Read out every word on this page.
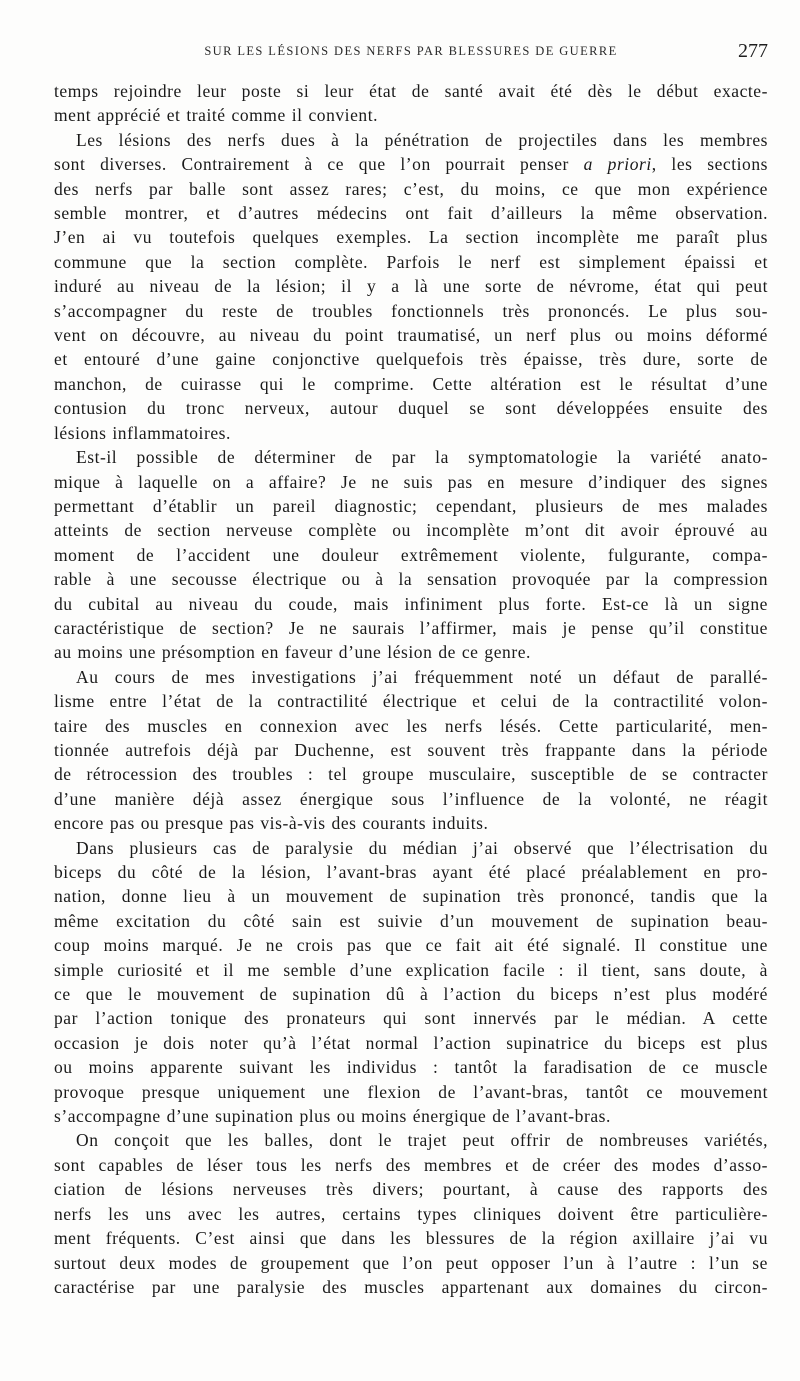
SUR LES LÉSIONS DES NERFS PAR BLESSURES DE GUERRE	277
temps rejoindre leur poste si leur état de santé avait été dès le début exacte-
ment apprécié et traité comme il convient.
Les lésions des nerfs dues à la pénétration de projectiles dans les membres
sont diverses. Contrairement à ce que l’on pourrait penser a priori, les sections
des nerfs par balle sont assez rares; c’est, du moins, ce que mon expérience
semble montrer, et d’autres médecins ont fait d’ailleurs la même observation.
J’en ai vu toutefois quelques exemples. La section incomplète me paraît plus
commune que la section complète. Parfois le nerf est simplement épaissi et
induré au niveau de la lésion; il y a là une sorte de névrome, état qui peut
s’accompagner du reste de troubles fonctionnels très prononcés. Le plus sou-
vent on découvre, au niveau du point traumatisé, un nerf plus ou moins déformé
et entouré d’une gaine conjonctive quelquefois très épaisse, très dure, sorte de
manchon, de cuirasse qui le comprime. Cette altération est le résultat d’une
contusion du tronc nerveux, autour duquel se sont développées ensuite des
lésions inflammatoires.
Est-il possible de déterminer de par la symptomatologie la variété anato-
mique à laquelle on a affaire? Je ne suis pas en mesure d’indiquer des signes
permettant d’établir un pareil diagnostic; cependant, plusieurs de mes malades
atteints de section nerveuse complète ou incomplète m’ont dit avoir éprouvé au
moment de l’accident une douleur extrêmement violente, fulgurante, compa-
rable à une secousse électrique ou à la sensation provoquée par la compression
du cubital au niveau du coude, mais infiniment plus forte. Est-ce là un signe
caractéristique de section? Je ne saurais l’affirmer, mais je pense qu’il constitue
au moins une présomption en faveur d’une lésion de ce genre.
Au cours de mes investigations j’ai fréquemment noté un défaut de parallé-
lisme entre l’état de la contractilité électrique et celui de la contractilité volon-
taire des muscles en connexion avec les nerfs lésés. Cette particularité, men-
tionnée autrefois déjà par Duchenne, est souvent très frappante dans la période
de rétrocession des troubles : tel groupe musculaire, susceptible de se contracter
d’une manière déjà assez énergique sous l’influence de la volonté, ne réagit
encore pas ou presque pas vis-à-vis des courants induits.
Dans plusieurs cas de paralysie du médian j’ai observé que l’électrisation du
biceps du côté de la lésion, l’avant-bras ayant été placé préalablement en pro-
nation, donne lieu à un mouvement de supination très prononcé, tandis que la
même excitation du côté sain est suivie d’un mouvement de supination beau-
coup moins marqué. Je ne crois pas que ce fait ait été signalé. Il constitue une
simple curiosité et il me semble d’une explication facile : il tient, sans doute, à
ce que le mouvement de supination dû à l’action du biceps n’est plus modéré
par l’action tonique des pronateurs qui sont innervés par le médian. A cette
occasion je dois noter qu’à l’état normal l’action supinatrice du biceps est plus
ou moins apparente suivant les individus : tantôt la faradisation de ce muscle
provoque presque uniquement une flexion de l’avant-bras, tantôt ce mouvement
s’accompagne d’une supination plus ou moins énergique de l’avant-bras.
On conçoit que les balles, dont le trajet peut offrir de nombreuses variétés,
sont capables de léser tous les nerfs des membres et de créer des modes d’asso-
ciation de lésions nerveuses très divers; pourtant, à cause des rapports des
nerfs les uns avec les autres, certains types cliniques doivent être particulière-
ment fréquents. C’est ainsi que dans les blessures de la région axillaire j’ai vu
surtout deux modes de groupement que l’on peut opposer l’un à l’autre : l’un se
caractérise par une paralysie des muscles appartenant aux domaines du circon-
